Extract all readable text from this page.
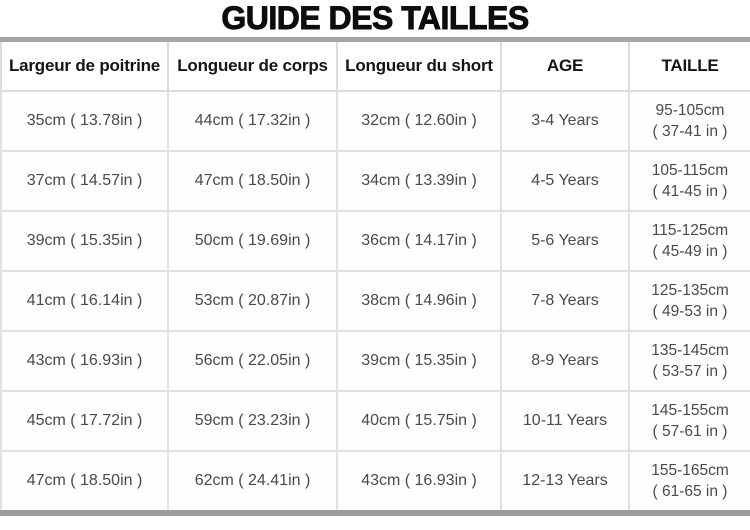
GUIDE DES TAILLES
Largeur de poitrine	Longueur de corps	Longueur du short	AGE	TAILLE
35cm ( 13.78in )	44cm ( 17.32in )	32cm ( 12.60in )	3-4 Years	95-105cm
( 37-41 in )

37cm ( 14.57in )	47cm ( 18.50in )	34cm ( 13.39in )	4-5 Years	105-115cm
( 41-45 in )

39cm ( 15.35in )	50cm ( 19.69in )	36cm ( 14.17in )	5-6 Years	115-125cm
( 45-49 in )

41cm ( 16.14in )	53cm ( 20.87in )	38cm ( 14.96in )	7-8 Years	125-135cm
( 49-53 in )

43cm ( 16.93in )	56cm ( 22.05in )	39cm ( 15.35in )	8-9 Years	135-145cm
( 53-57 in )

45cm ( 17.72in )	59cm ( 23.23in )	40cm ( 15.75in )	10-11 Years	145-155cm
( 57-61 in )

47cm ( 18.50in )	62cm ( 24.41in )	43cm ( 16.93in )	12-13 Years	155-165cm
( 61-65 in )
